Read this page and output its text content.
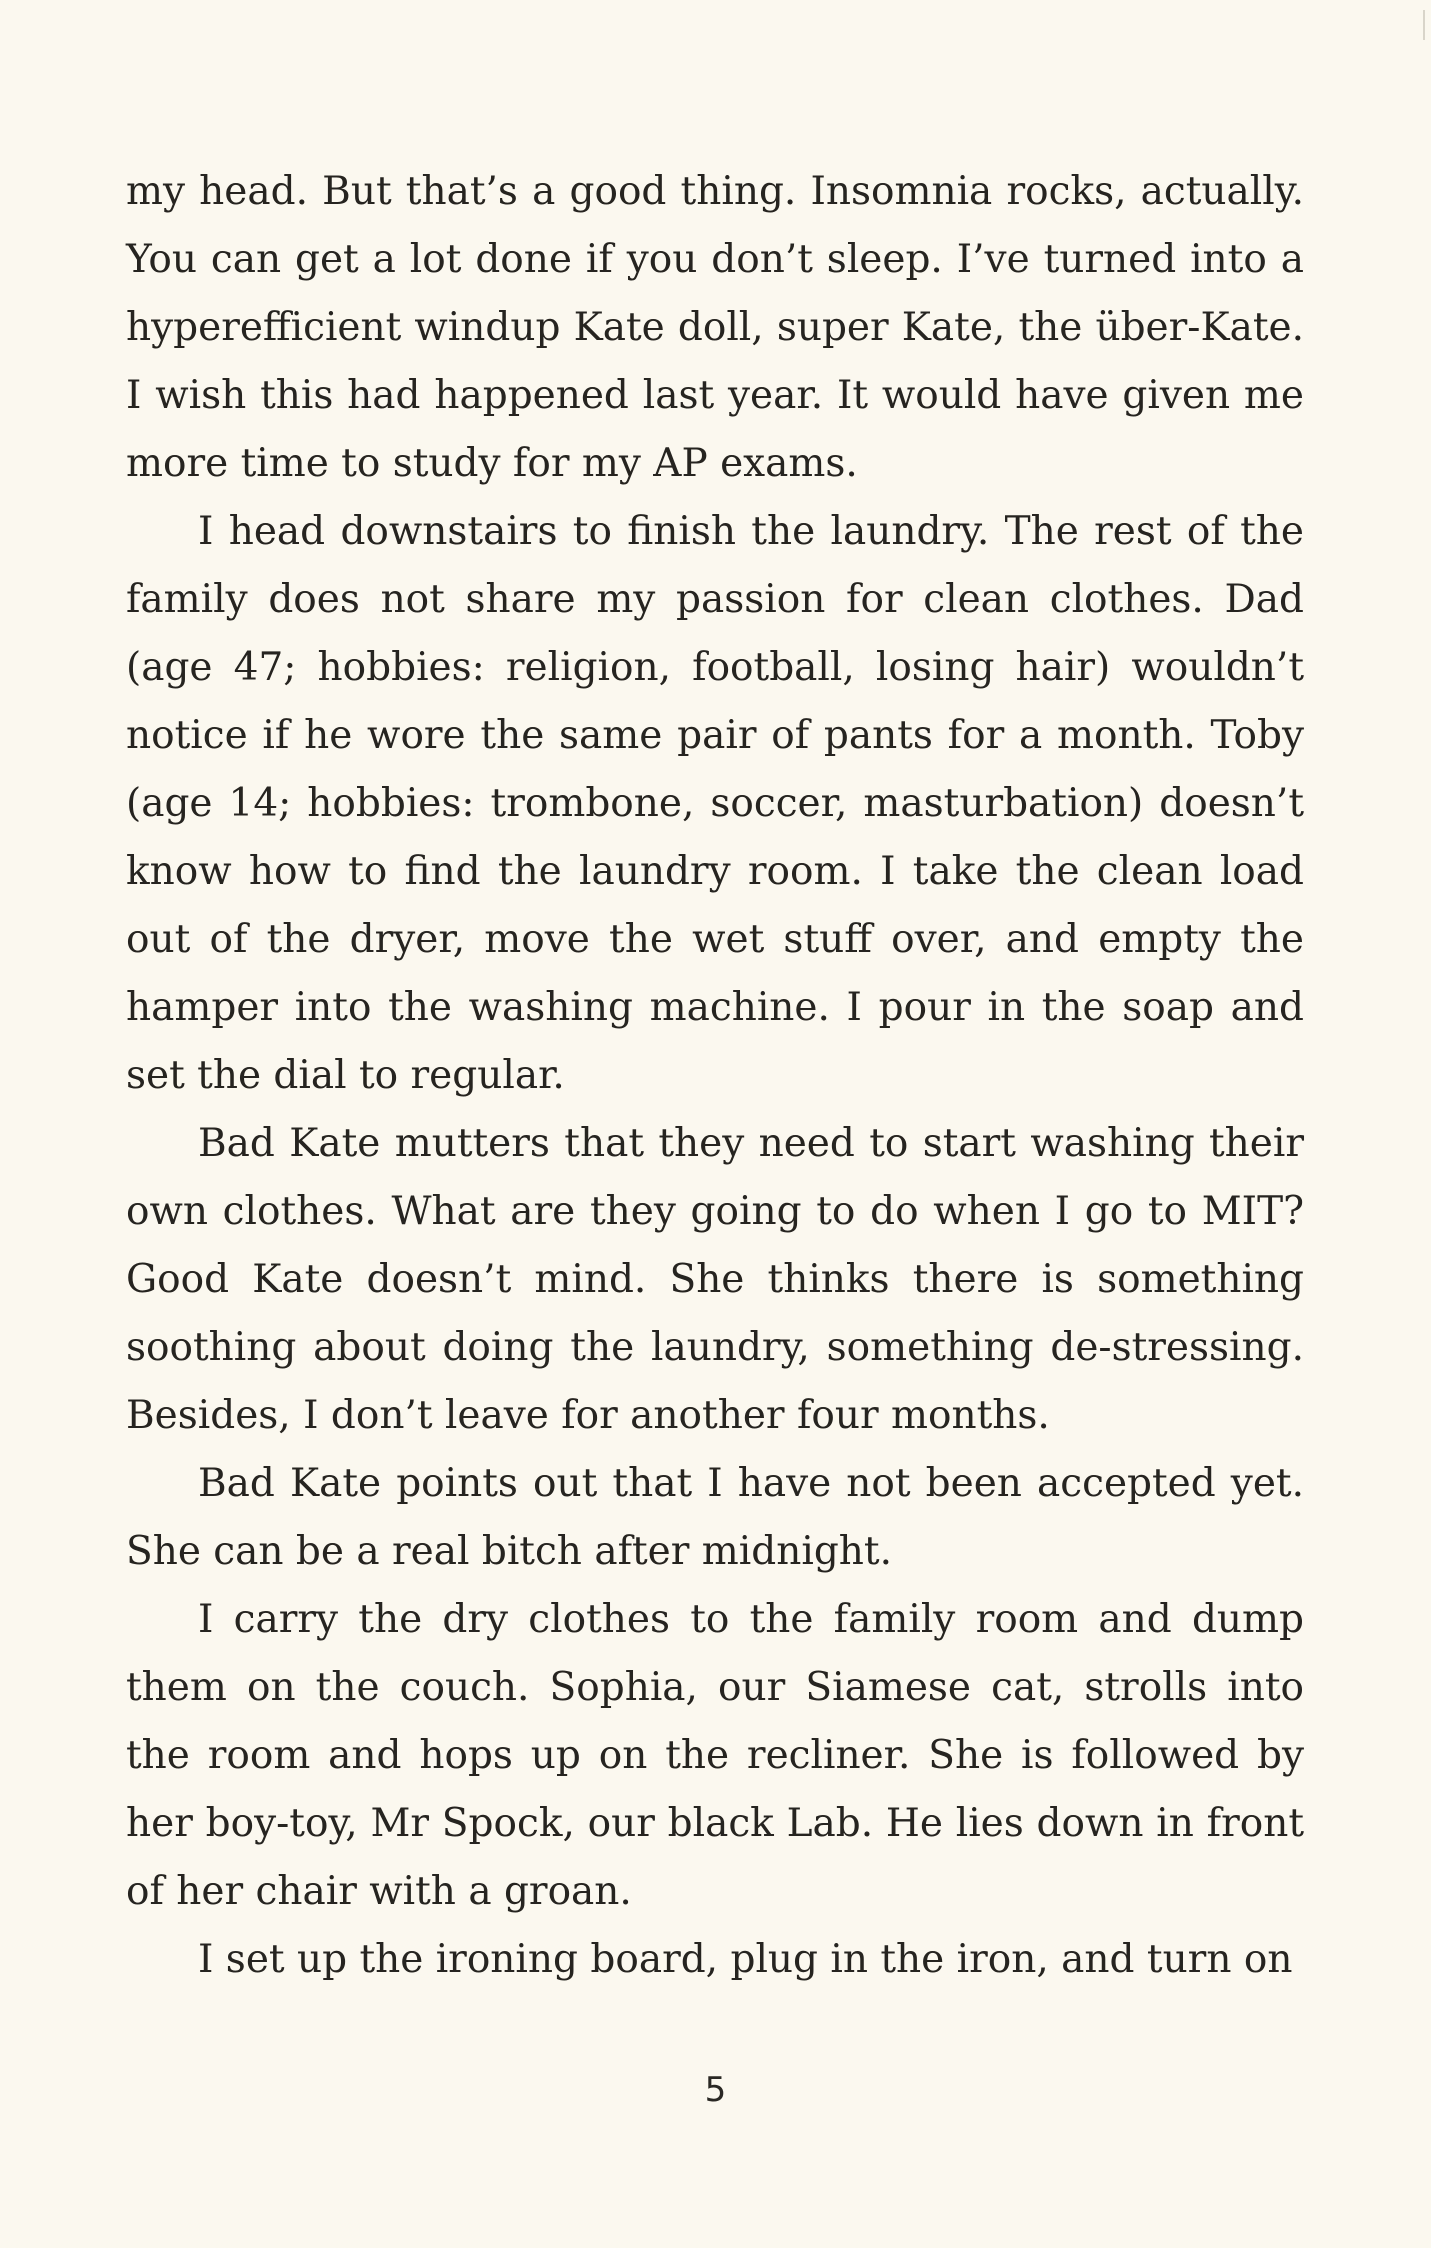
my head. But that’s a good thing. Insomnia rocks, actually. You can get a lot done if you don’t sleep. I’ve turned into a hyperefficient windup Kate doll, super Kate, the über-Kate. I wish this had happened last year. It would have given me more time to study for my AP exams.

I head downstairs to finish the laundry. The rest of the family does not share my passion for clean clothes. Dad (age 47; hobbies: religion, football, losing hair) wouldn’t notice if he wore the same pair of pants for a month. Toby (age 14; hobbies: trombone, soccer, masturbation) doesn’t know how to find the laundry room. I take the clean load out of the dryer, move the wet stuff over, and empty the hamper into the washing machine. I pour in the soap and set the dial to regular.

Bad Kate mutters that they need to start washing their own clothes. What are they going to do when I go to MIT? Good Kate doesn’t mind. She thinks there is something soothing about doing the laundry, something de-stressing. Besides, I don’t leave for another four months.

Bad Kate points out that I have not been accepted yet. She can be a real bitch after midnight.

I carry the dry clothes to the family room and dump them on the couch. Sophia, our Siamese cat, strolls into the room and hops up on the recliner. She is followed by her boy-toy, Mr Spock, our black Lab. He lies down in front of her chair with a groan.

I set up the ironing board, plug in the iron, and turn on

5
